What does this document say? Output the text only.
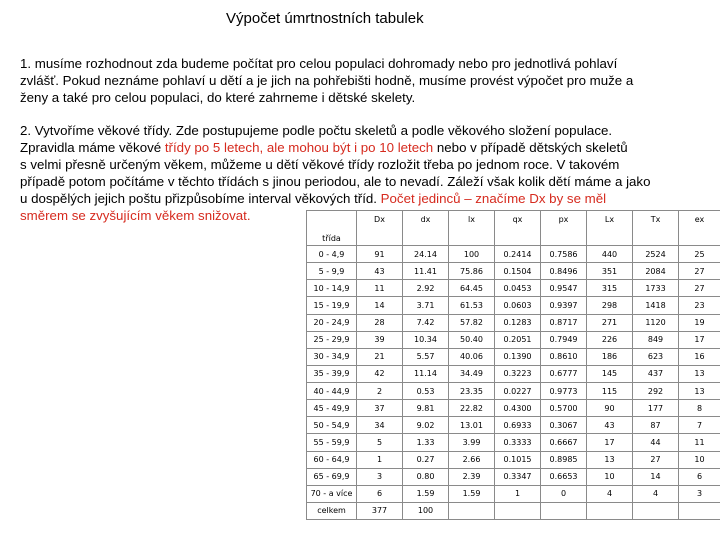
Výpočet úmrtnostních tabulek
1. musíme rozhodnout zda budeme počítat pro celou populaci dohromady nebo pro jednotlivá pohlaví
zvlášť. Pokud neznáme pohlaví u dětí a je jich na pohřebišti hodně, musíme provést výpočet pro muže a
ženy a také pro celou populaci, do které zahrneme i dětské skelety.
2. Vytvoříme věkové třídy. Zde postupujeme podle počtu skeletů a podle věkového složení populace.
Zpravidla máme věkové třídy po 5 letech, ale mohou být i po 10 letech nebo v případě dětských skeletů
s velmi přesně určeným věkem, můžeme u dětí věkové třídy rozložit třeba po jednom roce. V takovém
případě potom počítáme v těchto třídách s jinou periodou, ale to nevadí. Záleží však kolik dětí máme a jako
u dospělých jejich poštu přizpůsobíme interval věkových tříd. Počet jedinců – značíme Dx by se měl
směrem se zvyšujícím věkem snižovat.
třída	Dx	dx	lx	qx	px	Lx	Tx	ex
0 - 4,9	91	24.14	100	0.2414	0.7586	440	2524	25
5 - 9,9	43	11.41	75.86	0.1504	0.8496	351	2084	27
10 - 14,9	11	2.92	64.45	0.0453	0.9547	315	1733	27
15 - 19,9	14	3.71	61.53	0.0603	0.9397	298	1418	23
20 - 24,9	28	7.42	57.82	0.1283	0.8717	271	1120	19
25 - 29,9	39	10.34	50.40	0.2051	0.7949	226	849	17
30 - 34,9	21	5.57	40.06	0.1390	0.8610	186	623	16
35 - 39,9	42	11.14	34.49	0.3223	0.6777	145	437	13
40 - 44,9	2	0.53	23.35	0.0227	0.9773	115	292	13
45 - 49,9	37	9.81	22.82	0.4300	0.5700	90	177	8
50 - 54,9	34	9.02	13.01	0.6933	0.3067	43	87	7
55 - 59,9	5	1.33	3.99	0.3333	0.6667	17	44	11
60 - 64,9	1	0.27	2.66	0.1015	0.8985	13	27	10
65 - 69,9	3	0.80	2.39	0.3347	0.6653	10	14	6
70 - a více	6	1.59	1.59	1	0	4	4	3
celkem	377	100						
